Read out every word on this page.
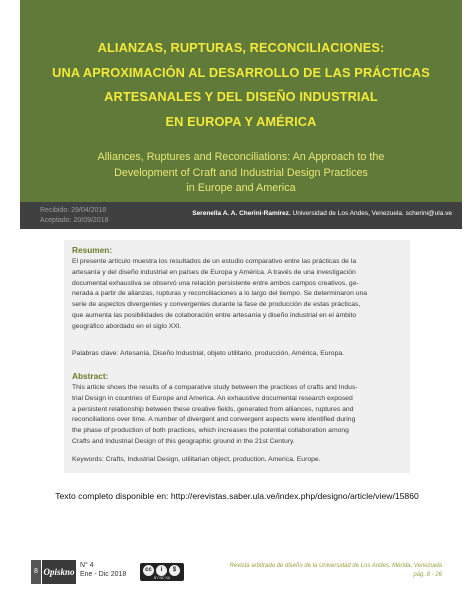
ALIANZAS, RUPTURAS, RECONCILIACIONES:
UNA APROXIMACIÓN AL DESARROLLO DE LAS PRÁCTICAS
ARTESANALES Y DEL DISEÑO INDUSTRIAL
EN EUROPA Y AMÉRICA
Alliances, Ruptures and Reconciliations: An Approach to the
Development of Craft and Industrial Design Practices
in Europe and America
Recibido: 29/04/2018
Aceptado: 20/09/2018
Serenella A. A. Cherini-Ramírez. Universidad de Los Andes, Venezuela. scherini@ula.ve
Resumen:
El presente artículo muestra los resultados de un estudio comparativo entre las prácticas de la
artesanía y del diseño industrial en países de Europa y América. A través de una investigación
documental exhaustiva se observó una relación persistente entre ambos campos creativos, ge-
nerada a partir de alianzas, rupturas y reconciliaciones a lo largo del tiempo. Se determinaron una
serie de aspectos divergentes y convergentes durante la fase de producción de estas prácticas,
que aumenta las posibilidades de colaboración entre artesanía y diseño industrial en el ámbito
geográfico abordado en el siglo XXI.
Palabras clave: Artesanía, Diseño Industrial, objeto utilitario, producción, América, Europa.
Abstract:
This article shows the results of a comparative study between the practices of crafts and Indus-
trial Design in countries of Europe and America. An exhaustive documental research exposed
a persistent relationship between these creative fields, generated from alliances, ruptures and
reconciliations over time. A number of divergent and convergent aspects were identified during
the phase of production of both practices, which increases the potential collaboration among
Crafts and Industrial Design of this geographic ground in the 21st Century.
Keywords: Crafts, Industrial Design, utilitarian object, production, America, Europe.
Texto completo disponible en: http://erevistas.saber.ula.ve/index.php/designo/article/view/15860
8 Opiskno
N° 4
Ene - Dic 2018
cc	i	$
BY NC SA
Revista arbitrada de diseño de la Universidad de Los Andes. Mérida, Venezuela
pág. 8 - 26
